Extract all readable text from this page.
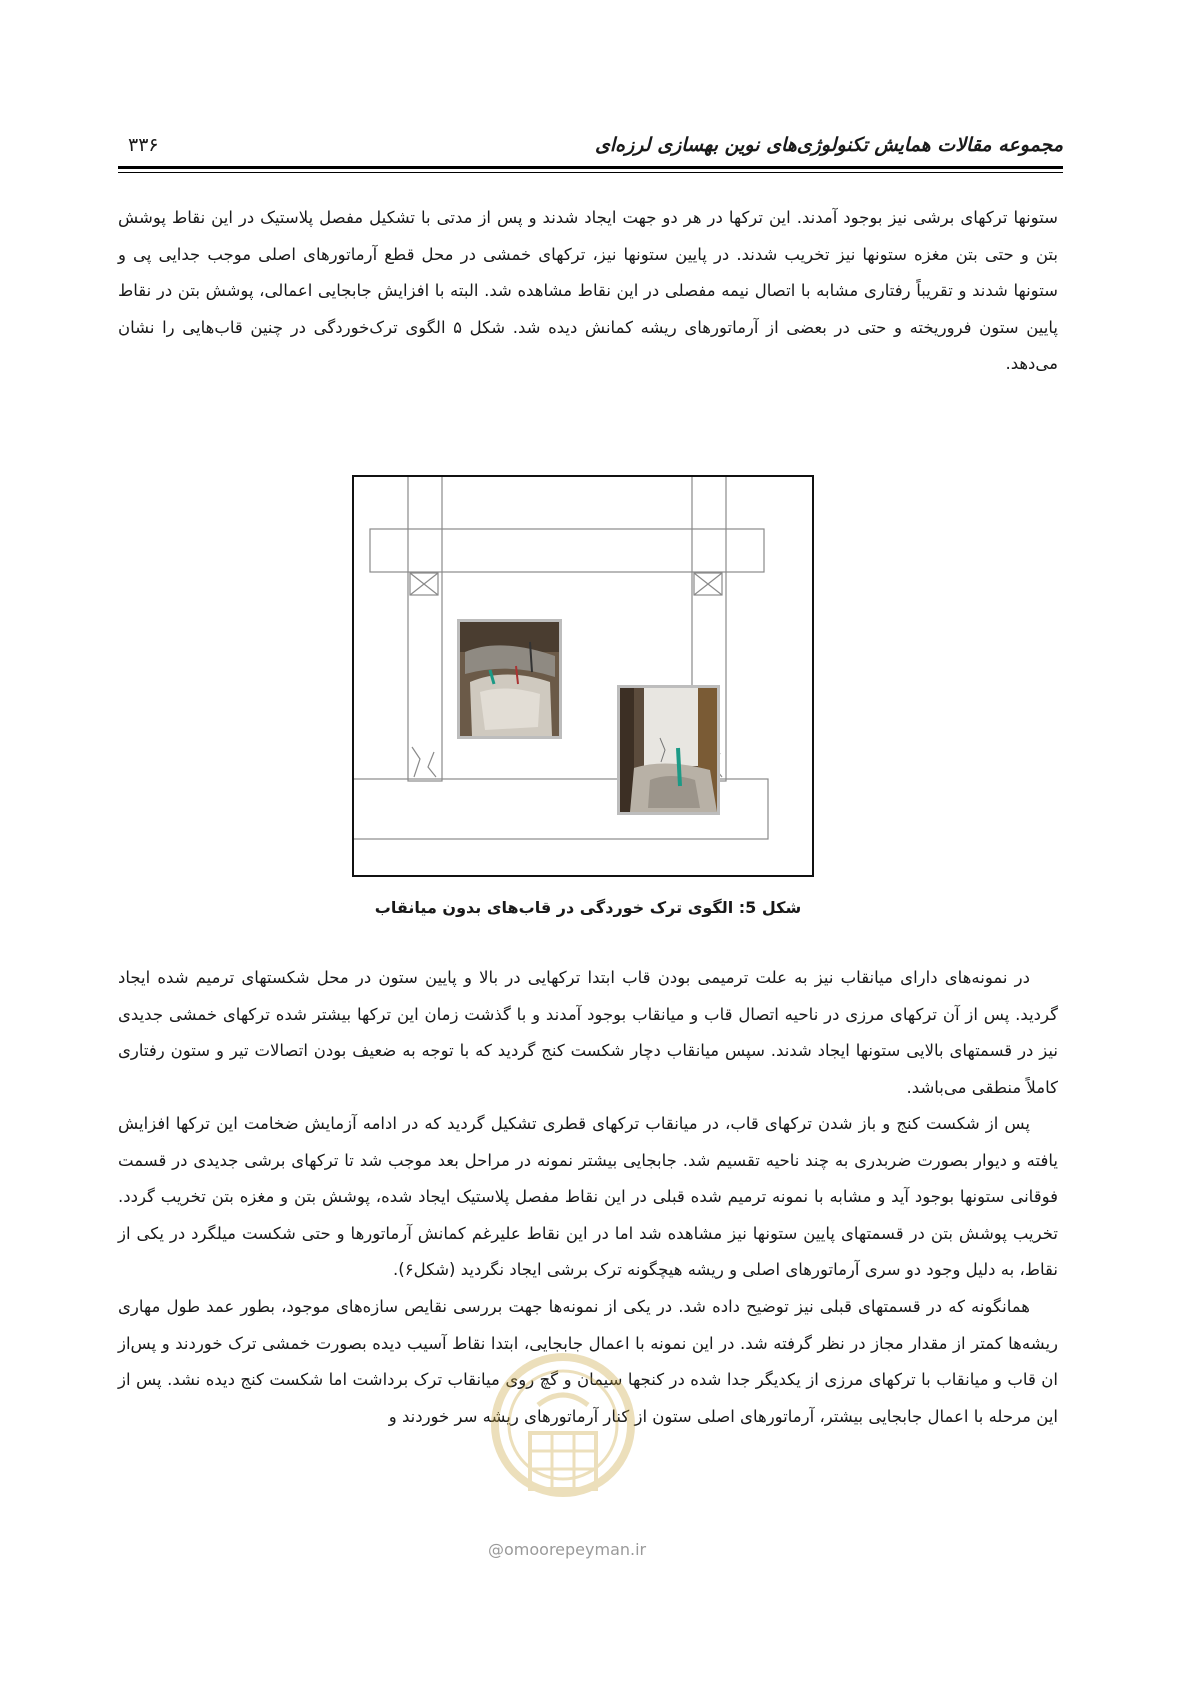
۳۳۶	مجموعه مقالات همایش تکنولوژی‌های نوین بهسازی لرزه‌ای

ستونها ترکهای برشی نیز بوجود آمدند. این ترکها در هر دو جهت ایجاد شدند و پس از مدتی با تشکیل مفصل پلاستیک در این نقاط پوشش بتن و حتی بتن مغزه ستونها نیز تخریب شدند. در پایین ستونها نیز، ترکهای خمشی در محل قطع آرماتورهای اصلی موجب جدایی پی و ستونها شدند و تقریباً رفتاری مشابه با اتصال نیمه مفصلی در این نقاط مشاهده شد. البته با افزایش جابجایی اعمالی، پوشش بتن در نقاط پایین ستون فروریخته و حتی در بعضی از آرماتورهای ریشه کمانش دیده شد. شکل ۵ الگوی ترک‌خوردگی در چنین قاب‌هایی را نشان می‌دهد.

شکل 5: الگوی ترک خوردگی در قاب‌های بدون میانقاب

در نمونه‌های دارای میانقاب نیز به علت ترمیمی بودن قاب ابتدا ترکهایی در بالا و پایین ستون در محل شکستهای ترمیم شده ایجاد گردید. پس از آن ترکهای مرزی در ناحیه اتصال قاب و میانقاب بوجود آمدند و با گذشت زمان این ترکها بیشتر شده ترکهای خمشی جدیدی نیز در قسمتهای بالایی ستونها ایجاد شدند. سپس میانقاب دچار شکست کنج گردید که با توجه به ضعیف بودن اتصالات تیر و ستون رفتاری کاملاً منطقی می‌باشد.

پس از شکست کنج و باز شدن ترکهای قاب، در میانقاب ترکهای قطری تشکیل گردید که در ادامه آزمایش ضخامت این ترکها افزایش یافته و دیوار بصورت ضربدری به چند ناحیه تقسیم شد. جابجایی بیشتر نمونه در مراحل بعد موجب شد تا ترکهای برشی جدیدی در قسمت فوقانی ستونها بوجود آید و مشابه با نمونه ترمیم شده قبلی در این نقاط مفصل پلاستیک ایجاد شده، پوشش بتن و مغزه بتن تخریب گردد. تخریب پوشش بتن در قسمتهای پایین ستونها نیز مشاهده شد اما در این نقاط علیرغم کمانش آرماتورها و حتی شکست میلگرد در یکی از نقاط، به دلیل وجود دو سری آرماتورهای اصلی و ریشه هیچگونه ترک برشی ایجاد نگردید (شکل۶).

همانگونه که در قسمتهای قبلی نیز توضیح داده شد. در یکی از نمونه‌ها جهت بررسی نقایص سازه‌های موجود، بطور عمد طول مهاری ریشه‌ها کمتر از مقدار مجاز در نظر گرفته شد. در این نمونه با اعمال جابجایی، ابتدا نقاط آسیب دیده بصورت خمشی ترک خوردند و پس‌از ان قاب و میانقاب با ترکهای مرزی از یکدیگر جدا شده در کنجها سیمان و گچ روی میانقاب ترک برداشت اما شکست کنج دیده نشد. پس از این مرحله با اعمال جابجایی بیشتر، آرماتورهای اصلی ستون از کنار آرماتورهای ریشه سر خوردند و

@omoorepeyman.ir
